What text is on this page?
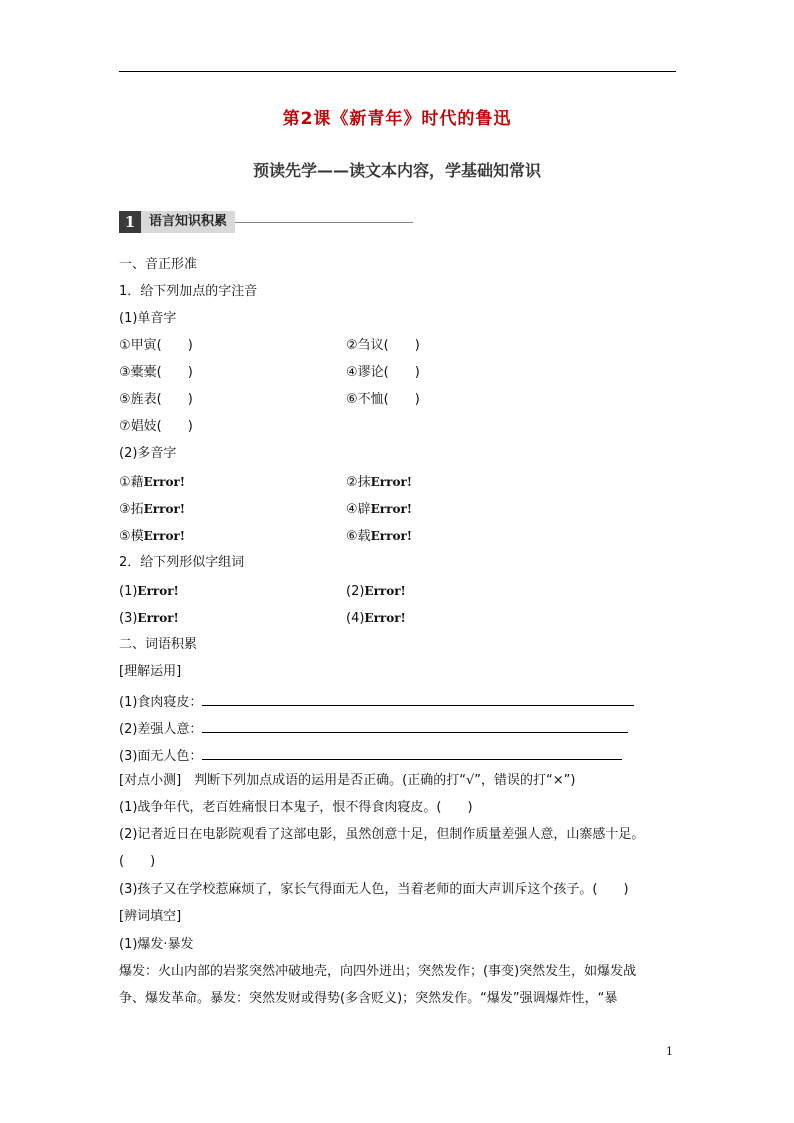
第2课《新青年》时代的鲁迅
预读先学——读文本内容，学基础知常识
1	语言知识积累
一、音正形准
1．给下列加点的字注音
(1)单音字
①甲寅(　　)	②刍议(　　)
③橐橐(　　)	④谬论(　　)
⑤旌表(　　)	⑥不恤(　　)
⑦娼妓(　　)
(2)多音字
①藉Error!	②抹Error!
③拓Error!	④辟Error!
⑤模Error!	⑥载Error!
2．给下列形似字组词
(1)Error!	(2)Error!
(3)Error!	(4)Error!
二、词语积累
[理解运用]
(1)食肉寝皮：
(2)差强人意：
(3)面无人色：
[对点小测]　判断下列加点成语的运用是否正确。(正确的打“√”，错误的打“×”)
(1)战争年代，老百姓痛恨日本鬼子，恨不得食肉寝皮。(　　)
(2)记者近日在电影院观看了这部电影，虽然创意十足，但制作质量差强人意，山寨感十足。
(　　)
(3)孩子又在学校惹麻烦了，家长气得面无人色，当着老师的面大声训斥这个孩子。(　　)
[辨词填空]
(1)爆发·暴发
爆发：火山内部的岩浆突然冲破地壳，向四外迸出；突然发作；(事变)突然发生，如爆发战
争、爆发革命。暴发：突然发财或得势(多含贬义)；突然发作。“爆发”强调爆炸性，“暴
1
